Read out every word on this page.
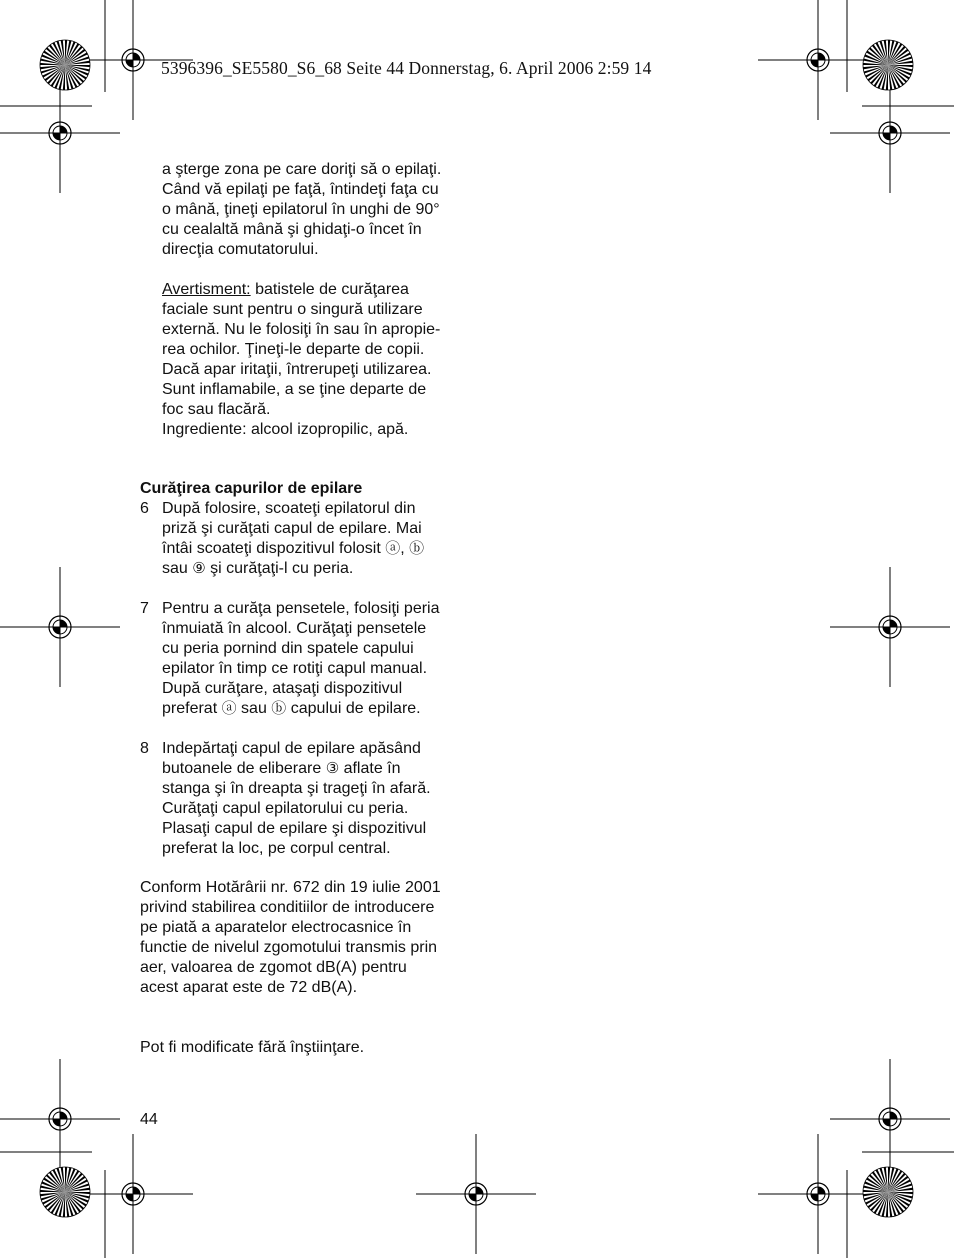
5396396_SE5580_S6_68 Seite 44 Donnerstag, 6. April 2006 2:59 14

a şterge zona pe care doriţi să o epilaţi.

Când vă epilaţi pe faţă, întindeţi faţa cu

o mână, ţineţi epilatorul în unghi de 90°

cu cealaltă mână şi ghidaţi-o încet în

direcţia comutatorului.

Avertisment: batistele de curăţarea

faciale sunt pentru o singură utilizare

externă. Nu le folosiţi în sau în apropie-

rea ochilor. Ţineţi-le departe de copii.

Dacă apar iritaţii, întrerupeţi utilizarea.

Sunt inflamabile, a se ţine departe de

foc sau flacără.

Ingrediente: alcool izopropilic, apă.

Curăţirea capurilor de epilare

6 După folosire, scoateţi epilatorul din

priză şi curăţati capul de epilare. Mai

întâi scoateţi dispozitivul folosit ⓐ, ⓑ

sau ⑨ şi curăţaţi-l cu peria.

7 Pentru a curăţa pensetele, folosiţi peria

înmuiată în alcool. Curăţaţi pensetele

cu peria pornind din spatele capului

epilator în timp ce rotiţi capul manual.

După curăţare, ataşaţi dispozitivul

preferat ⓐ sau ⓑ capului de epilare.

8 Indepărtaţi capul de epilare apăsând

butoanele de eliberare ③ aflate în

stanga şi în dreapta şi trageţi în afară.

Curăţaţi capul epilatorului cu peria.

Plasaţi capul de epilare şi dispozitivul

preferat la loc, pe corpul central.

Conform Hotărârii nr. 672 din 19 iulie 2001

privind stabilirea conditiilor de introducere

pe piată a aparatelor electrocasnice în

functie de nivelul zgomotului transmis prin

aer, valoarea de zgomot dB(A) pentru

acest aparat este de 72 dB(A).

Pot fi modificate fără înştiinţare.
44
